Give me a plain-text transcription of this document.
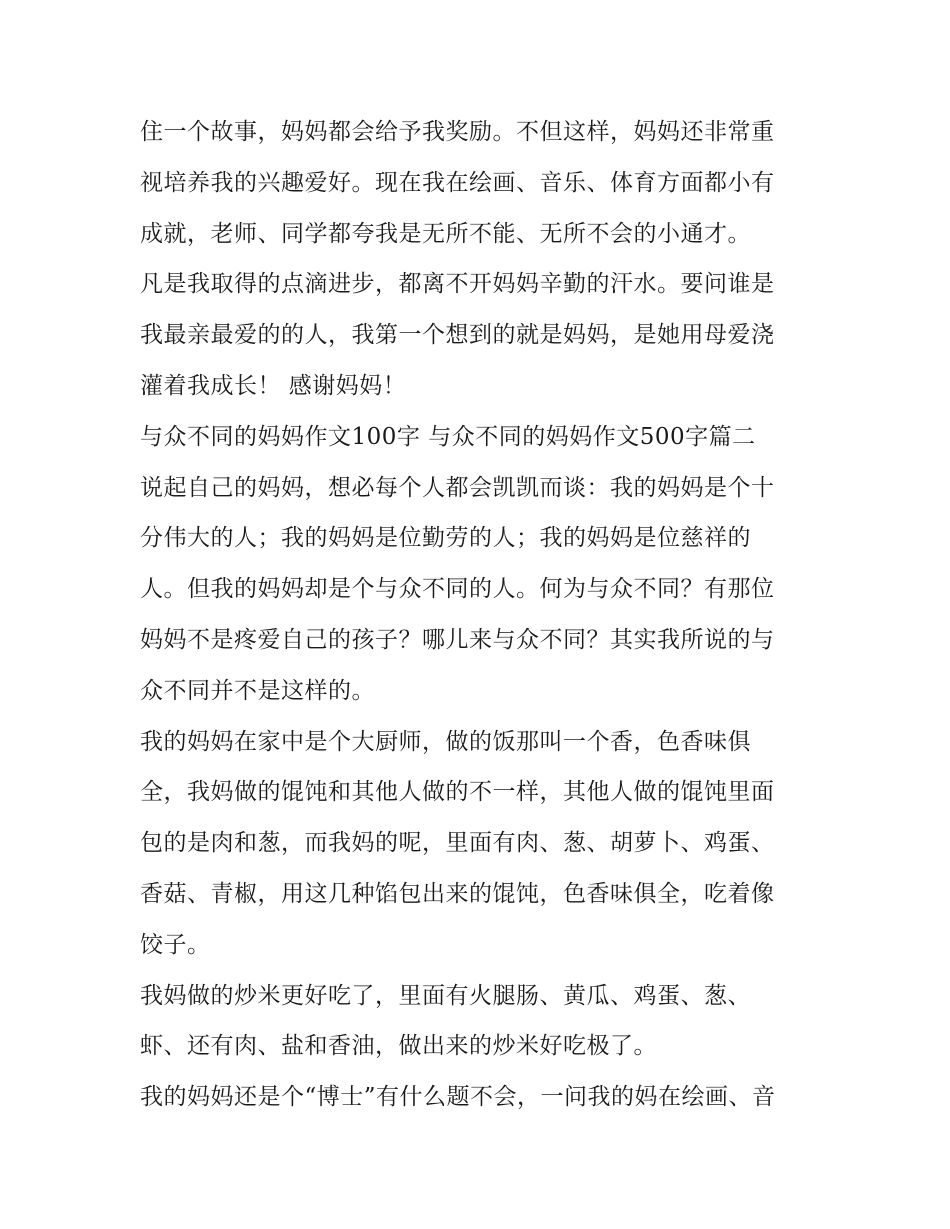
住一个故事，妈妈都会给予我奖励。不但这样，妈妈还非常重
视培养我的兴趣爱好。现在我在绘画、音乐、体育方面都小有
成就，老师、同学都夸我是无所不能、无所不会的小通才。
凡是我取得的点滴进步，都离不开妈妈辛勤的汗水。要问谁是
我最亲最爱的的人，我第一个想到的就是妈妈，是她用母爱浇
灌着我成长！ 感谢妈妈！
与众不同的妈妈作文100字 与众不同的妈妈作文500字篇二
说起自己的妈妈，想必每个人都会凯凯而谈：我的妈妈是个十
分伟大的人；我的妈妈是位勤劳的人；我的妈妈是位慈祥的
人。但我的妈妈却是个与众不同的人。何为与众不同？有那位
妈妈不是疼爱自己的孩子？哪儿来与众不同？其实我所说的与
众不同并不是这样的。
我的妈妈在家中是个大厨师，做的饭那叫一个香，色香味俱
全，我妈做的馄饨和其他人做的不一样，其他人做的馄饨里面
包的是肉和葱，而我妈的呢，里面有肉、葱、胡萝卜、鸡蛋、
香菇、青椒，用这几种馅包出来的馄饨，色香味俱全，吃着像
饺子。
我妈做的炒米更好吃了，里面有火腿肠、黄瓜、鸡蛋、葱、
虾、还有肉、盐和香油，做出来的炒米好吃极了。
我的妈妈还是个“博士”有什么题不会，一问我的妈在绘画、音
